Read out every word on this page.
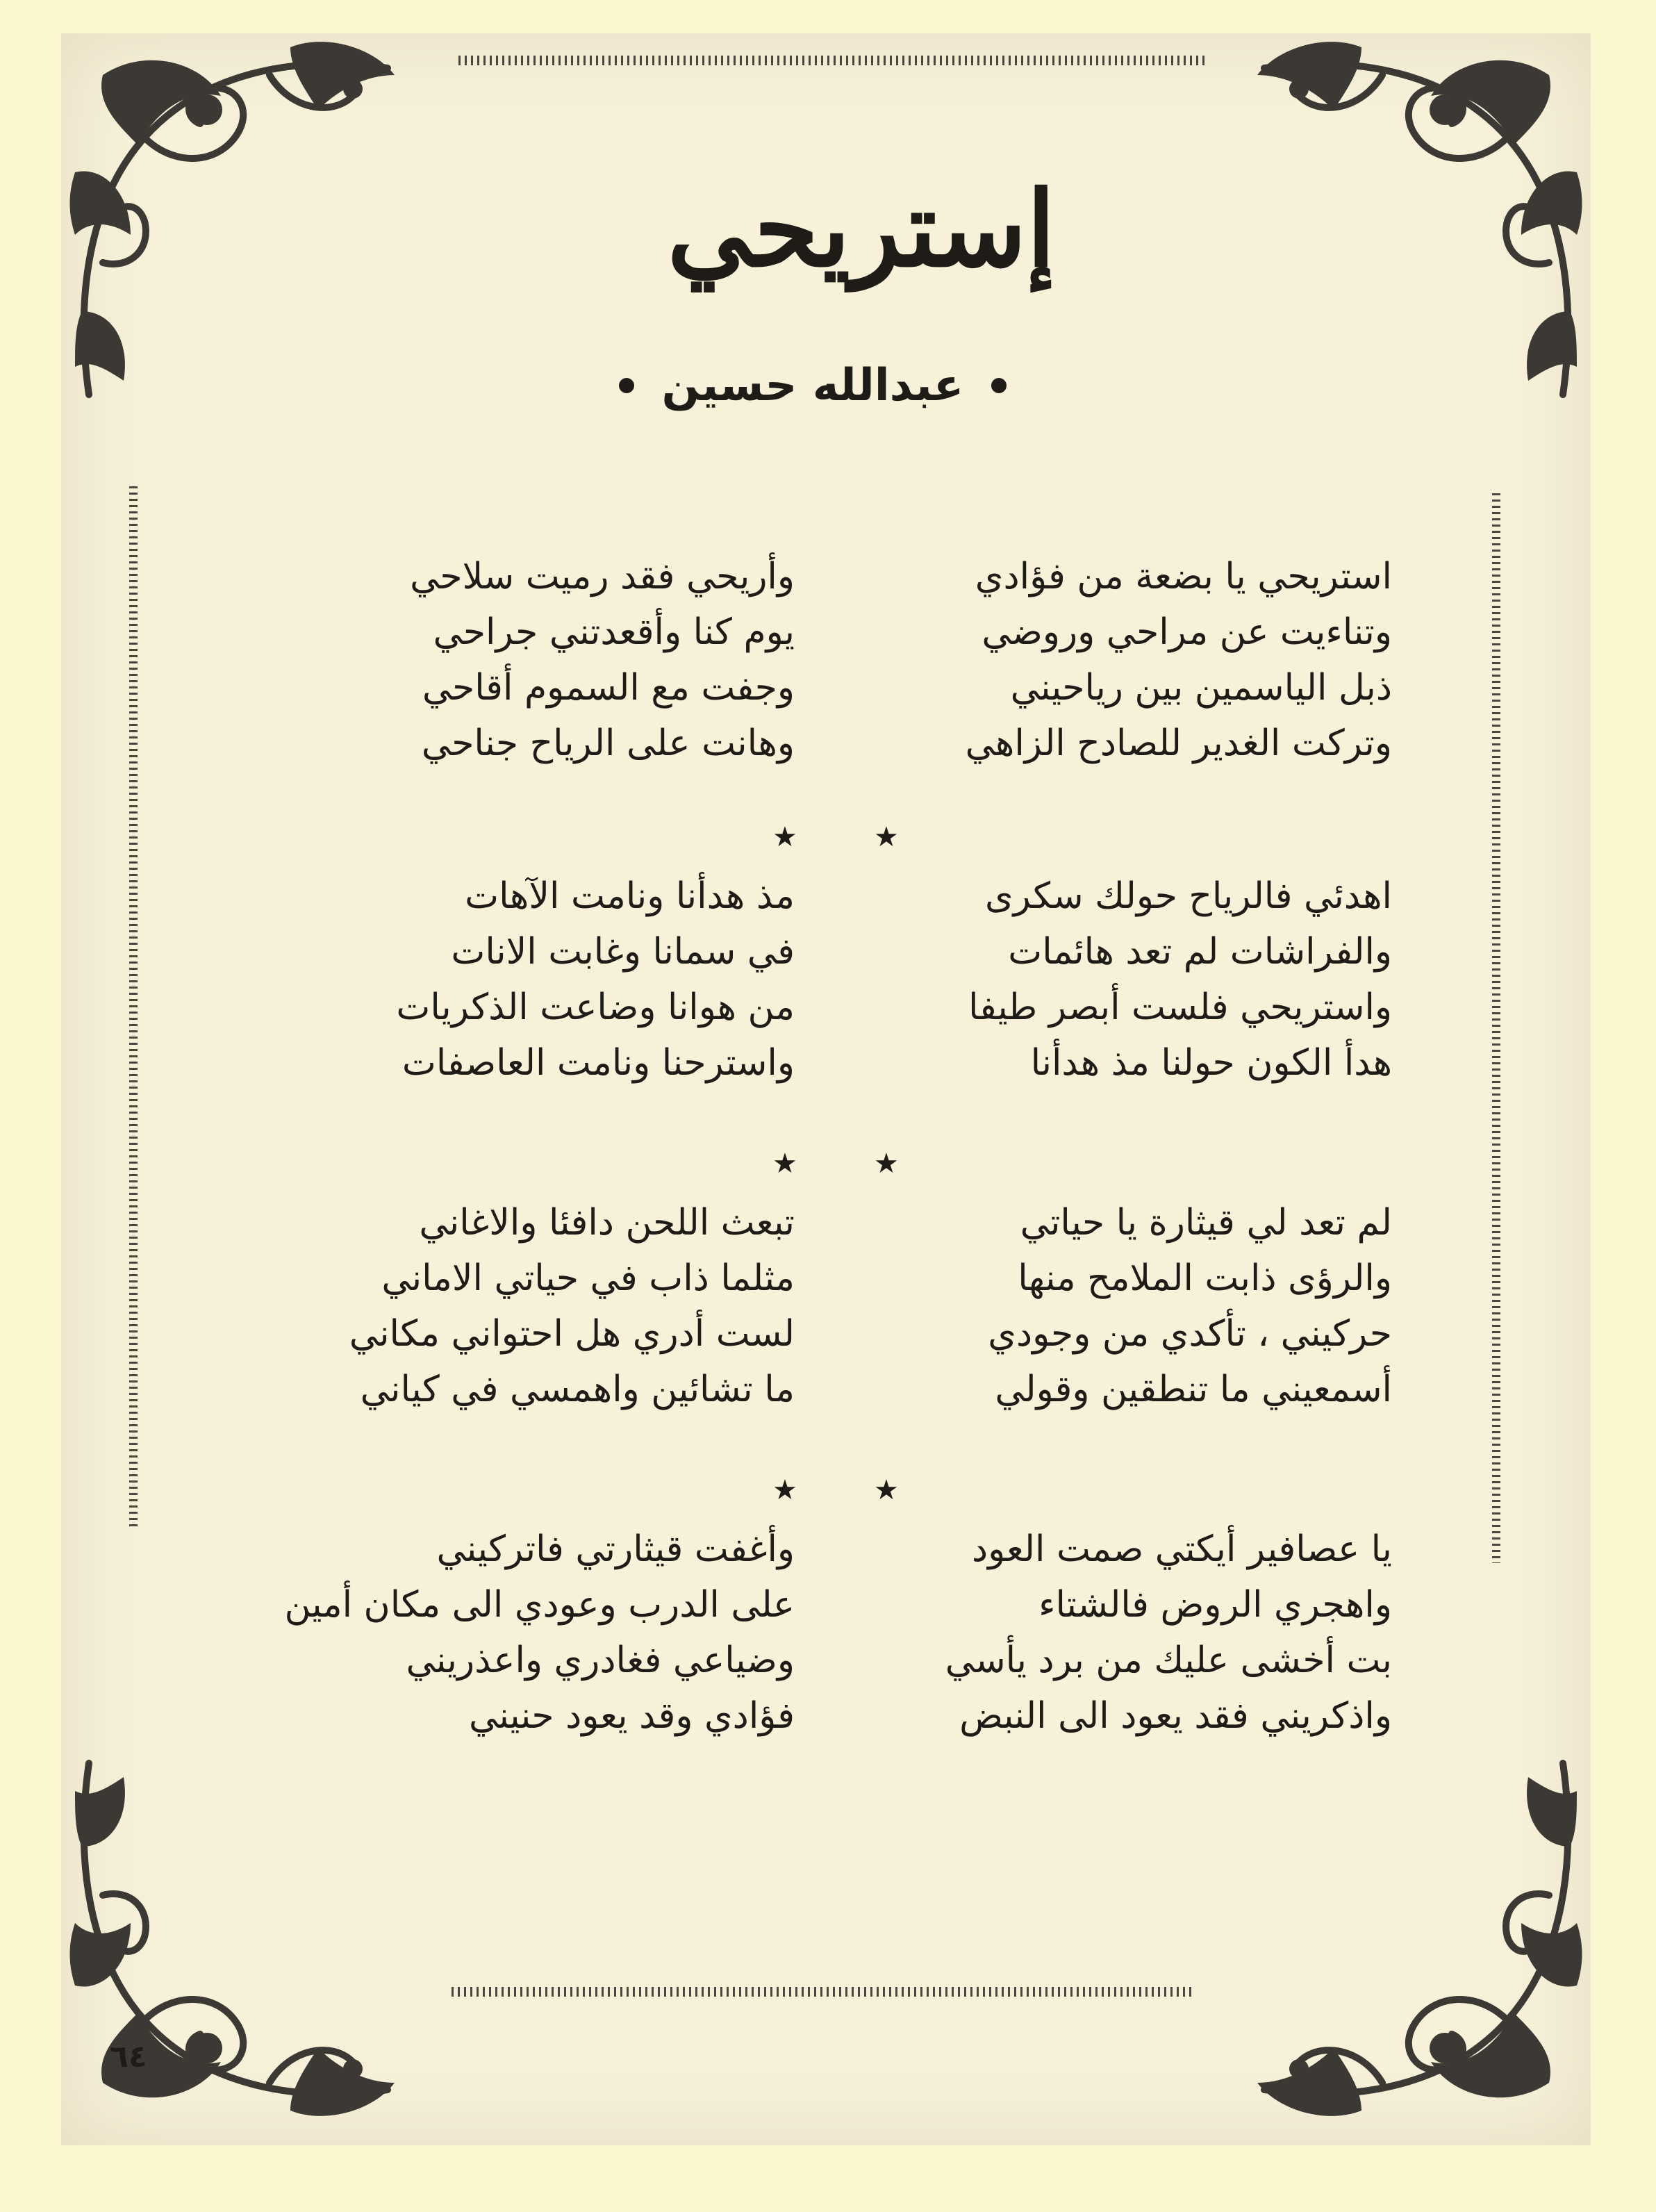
إستريحي
عبدالله حسين
استريحي يا بضعة من فؤادي
وتناءيت عن مراحي وروضي
ذبل الياسمين بين رياحيني
وتركت الغدير للصادح الزاهي
اهدئي فالرياح حولك سكرى
والفراشات لم تعد هائمات
واستريحي فلست أبصر طيفا
هدأ الكون حولنا مذ هدأنا
لم تعد لي قيثارة يا حياتي
والرؤى ذابت الملامح منها
حركيني ، تأكدي من وجودي
أسمعيني ما تنطقين وقولي
يا عصافير أيكتي صمت العود
واهجري الروض فالشتاء
بت أخشى عليك من برد يأسي
واذكريني فقد يعود الى النبض
وأريحي فقد رميت سلاحي
يوم كنا وأقعدتني جراحي
وجفت مع السموم أقاحي
وهانت على الرياح جناحي
مذ هدأنا ونامت الآهات
في سمانا وغابت الانات
من هوانا وضاعت الذكريات
واسترحنا ونامت العاصفات
تبعث اللحن دافئا والاغاني
مثلما ذاب في حياتي الاماني
لست أدري هل احتواني مكاني
ما تشائين واهمسي في كياني
وأغفت قيثارتي فاتركيني
على الدرب وعودي الى مكان أمين
وضياعي فغادري واعذريني
فؤادي وقد يعود حنيني
★
★
★
★
★
★
٦٤
